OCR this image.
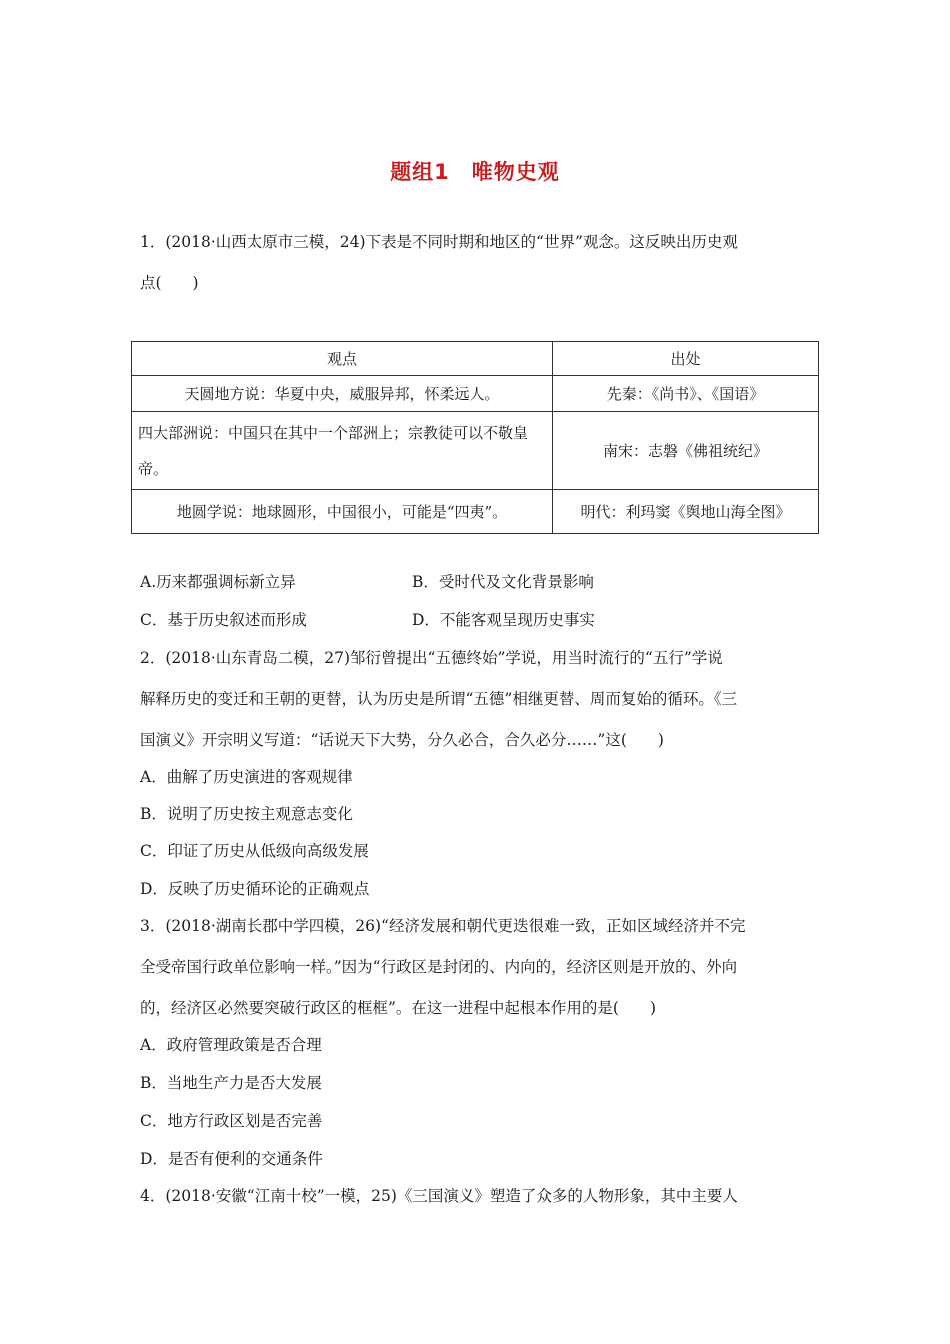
题组1　唯物史观
1．(2018·山西太原市三模，24)下表是不同时期和地区的“世界”观念。这反映出历史观
点(　　)
观点	出处
天圆地方说：华夏中央，威服异邦，怀柔远人。	先秦：《尚书》、《国语》
四大部洲说：中国只在其中一个部洲上；宗教徒可以不敬皇帝。	南宋：志磐《佛祖统纪》
地圆学说：地球圆形，中国很小，可能是“四夷”。	明代：利玛窦《舆地山海全图》
A.历来都强调标新立异	B．受时代及文化背景影响
C．基于历史叙述而形成	D．不能客观呈现历史事实
2．(2018·山东青岛二模，27)邹衍曾提出“五德终始”学说，用当时流行的“五行”学说
解释历史的变迁和王朝的更替，认为历史是所谓“五德”相继更替、周而复始的循环。《三
国演义》开宗明义写道：“话说天下大势，分久必合，合久必分……”这(　　)
A．曲解了历史演进的客观规律
B．说明了历史按主观意志变化
C．印证了历史从低级向高级发展
D．反映了历史循环论的正确观点
3．(2018·湖南长郡中学四模，26)“经济发展和朝代更迭很难一致，正如区域经济并不完
全受帝国行政单位影响一样。”因为“行政区是封闭的、内向的，经济区则是开放的、外向
的，经济区必然要突破行政区的框框”。在这一进程中起根本作用的是(　　)
A．政府管理政策是否合理
B．当地生产力是否大发展
C．地方行政区划是否完善
D．是否有便利的交通条件
4．(2018·安徽“江南十校”一模，25)《三国演义》塑造了众多的人物形象，其中主要人
